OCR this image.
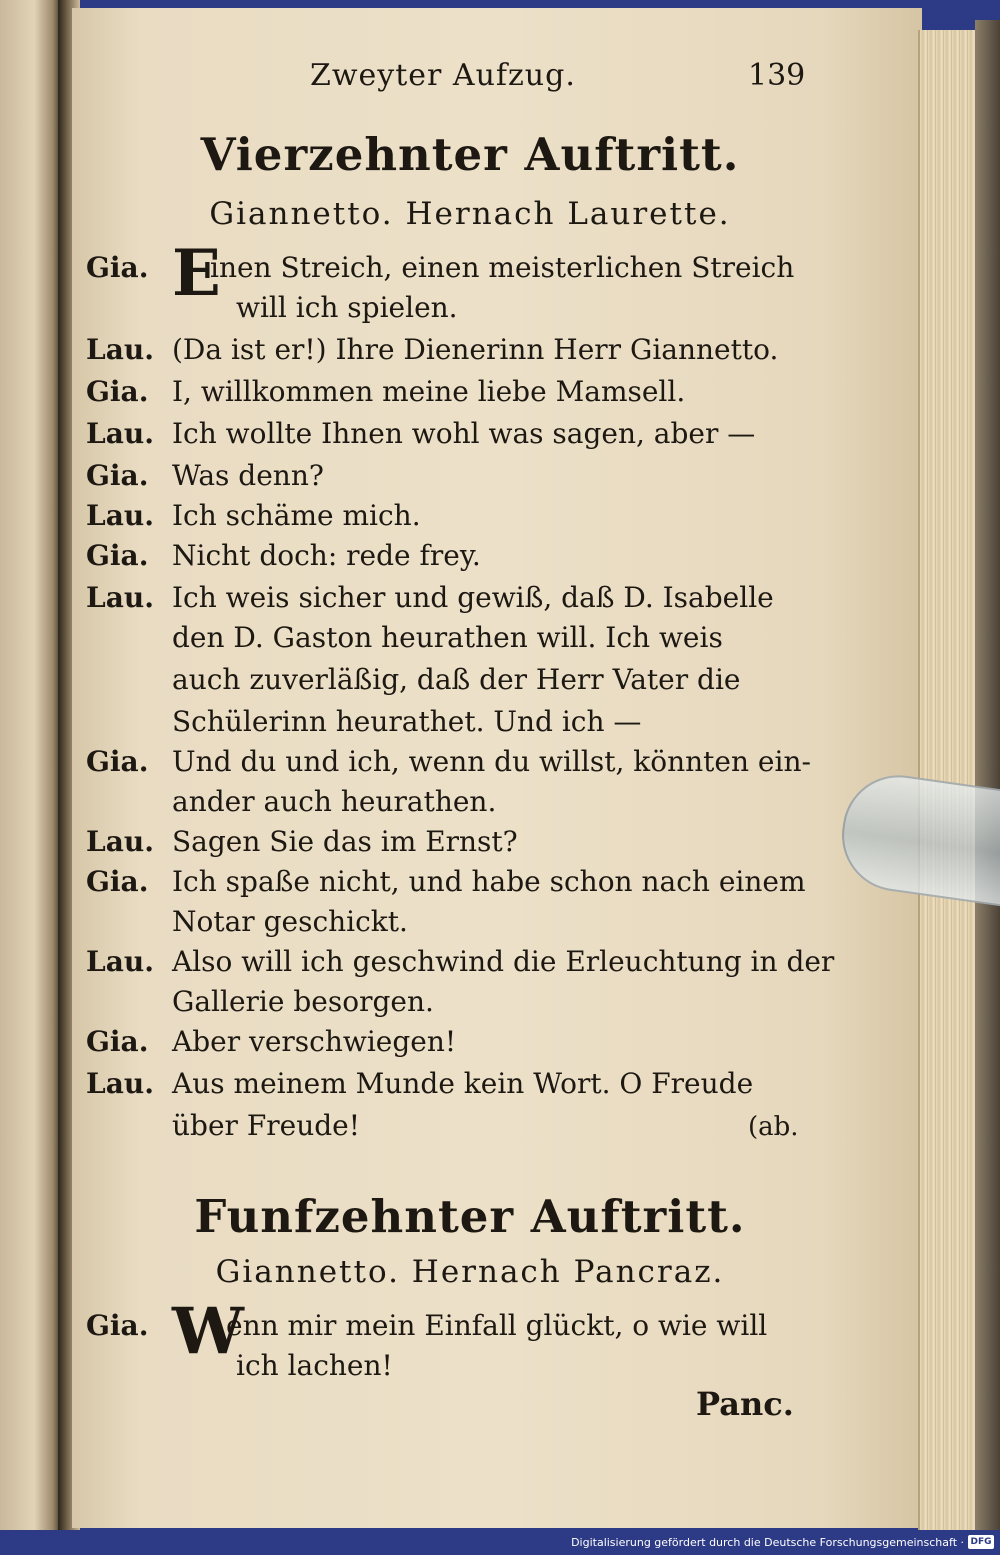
Zweyter Aufzug.	139
Vierzehnter Auftritt.
Giannetto. Hernach Laurette.
Gia. E
inen Streich, einen meisterlichen Streich
will ich spielen.
Lau. (Da ist er!) Ihre Dienerinn Herr Giannetto.
Gia. I, willkommen meine liebe Mamsell.
Lau. Ich wollte Ihnen wohl was sagen, aber —
Gia. Was denn?
Lau. Ich schäme mich.
Gia. Nicht doch: rede frey.
Lau. Ich weis sicher und gewiß, daß D. Isabelle
den D. Gaston heurathen will. Ich weis
auch zuverläßig, daß der Herr Vater die
Schülerinn heurathet. Und ich —
Gia. Und du und ich, wenn du willst, könnten ein-
ander auch heurathen.
Lau. Sagen Sie das im Ernst?
Gia. Ich spaße nicht, und habe schon nach einem
Notar geschickt.
Lau. Also will ich geschwind die Erleuchtung in der
Gallerie besorgen.
Gia. Aber verschwiegen!
Lau. Aus meinem Munde kein Wort. O Freude
über Freude!	(ab.
Funfzehnter Auftritt.
Giannetto. Hernach Pancraz.
Gia. W
enn mir mein Einfall glückt, o wie will
ich lachen!
Panc.
Digitalisierung gefördert durch die Deutsche Forschungsgemeinschaft · DFG
